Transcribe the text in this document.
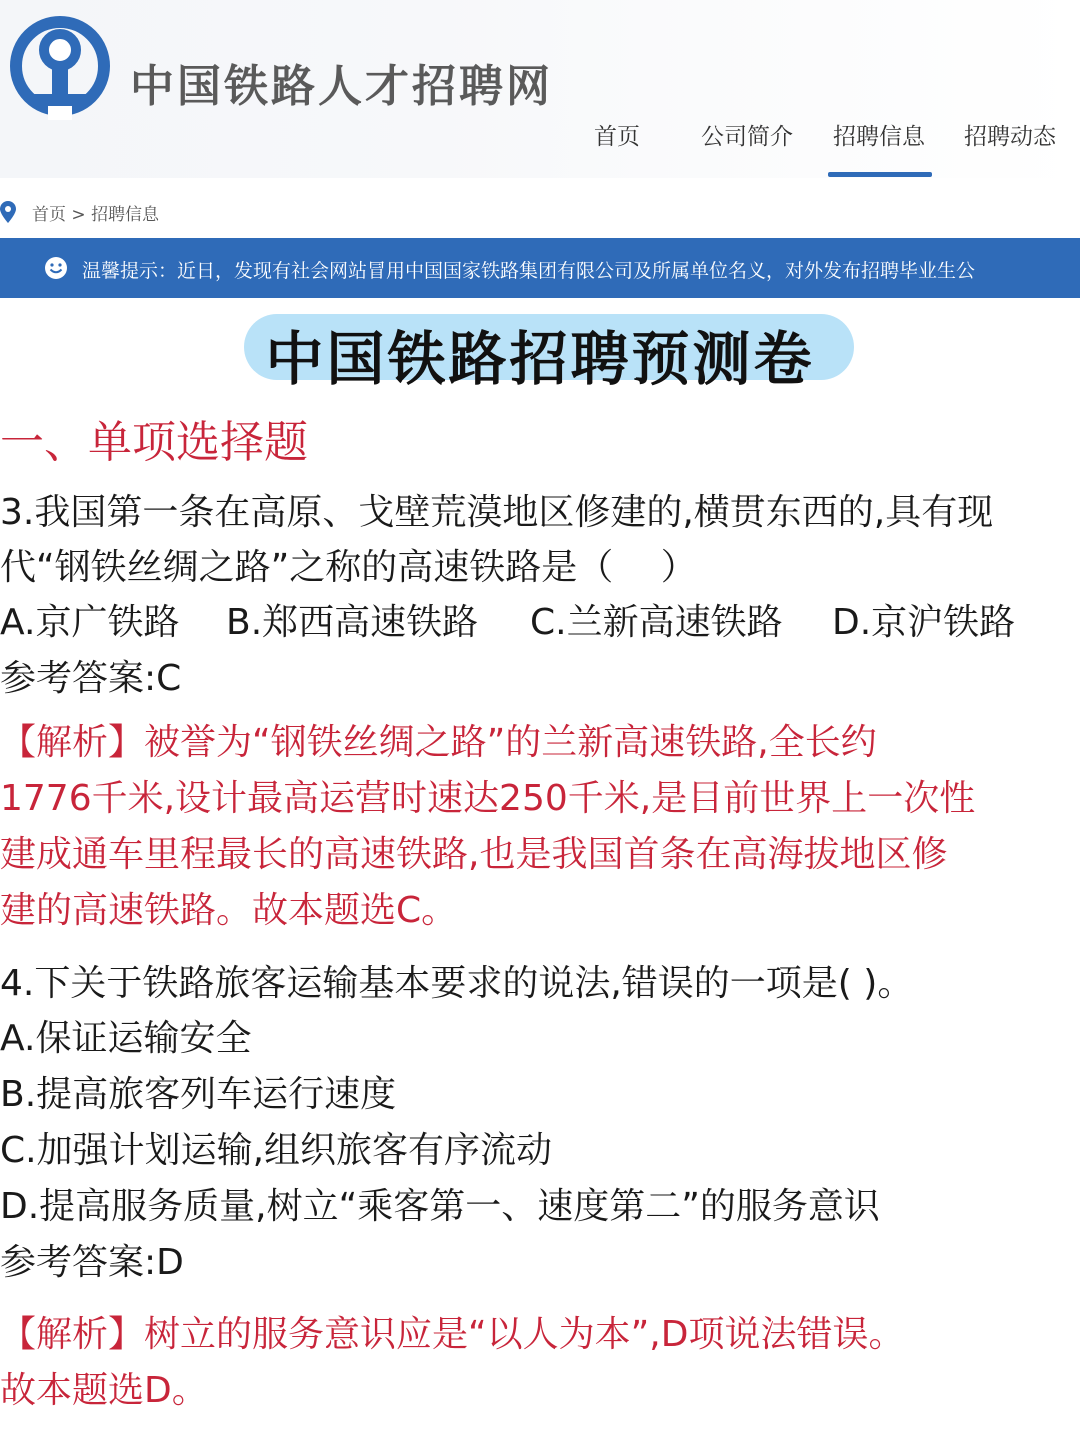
中国铁路人才招聘网
首页	公司简介 招聘信息 招聘动态
首页 > 招聘信息
温馨提示：近日，发现有社会网站冒用中国国家铁路集团有限公司及所属单位名义，对外发布招聘毕业生公
中国铁路招聘预测卷
一、单项选择题
3.我国第一条在高原、戈壁荒漠地区修建的,横贯东西的,具有现
代“钢铁丝绸之路”之称的高速铁路是（　 ）
A.京广铁路 B.郑西高速铁路 C.兰新高速铁路 D.京沪铁路
参考答案:C
【解析】被誉为“钢铁丝绸之路”的兰新高速铁路,全长约
1776千米,设计最高运营时速达250千米,是目前世界上一次性
建成通车里程最长的高速铁路,也是我国首条在高海拔地区修
建的高速铁路。故本题选C。
4.下关于铁路旅客运输基本要求的说法,错误的一项是( )。
A.保证运输安全
B.提高旅客列车运行速度
C.加强计划运输,组织旅客有序流动
D.提高服务质量,树立“乘客第一、速度第二”的服务意识
参考答案:D
【解析】树立的服务意识应是“以人为本”,D项说法错误。
故本题选D。
